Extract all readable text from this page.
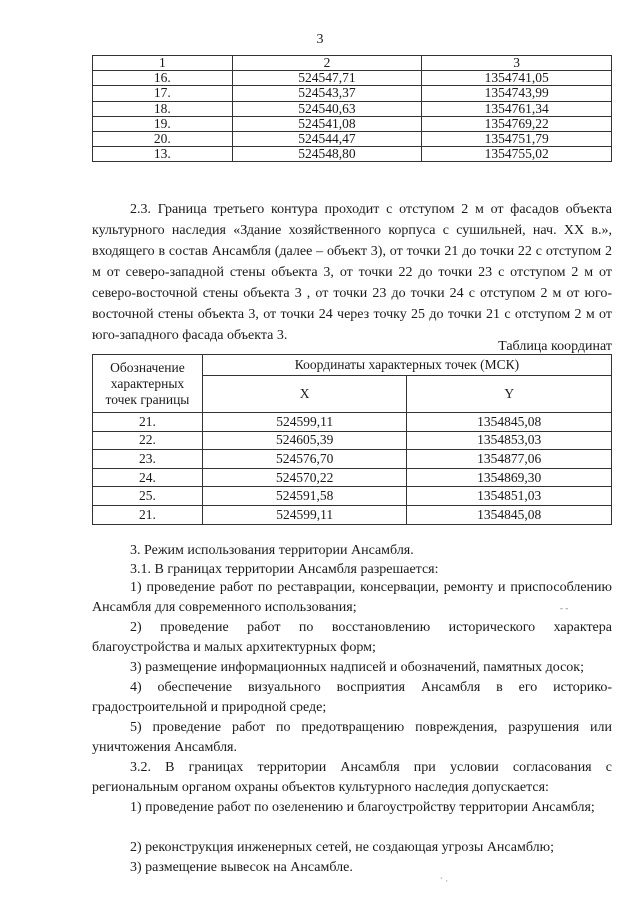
3
1	2	3
16.	524547,71	1354741,05
17.	524543,37	1354743,99
18.	524540,63	1354761,34
19.	524541,08	1354769,22
20.	524544,47	1354751,79
13.	524548,80	1354755,02
2.3. Граница третьего контура проходит с отступом 2 м от фасадов объекта культурного наследия «Здание хозяйственного корпуса с сушильней, нач. XX в.», входящего в состав Ансамбля (далее – объект 3), от точки 21 до точки 22 с отступом 2 м от северо-западной стены объекта 3, от точки 22 до точки 23 с отступом 2 м от северо-восточной стены объекта 3 , от точки 23 до точки 24 с отступом 2 м от юго-восточной стены объекта 3, от точки 24 через точку 25 до точки 21 с отступом 2 м от юго-западного фасада объекта 3.
Таблица координат
Обозначение характерных точек границы	Координаты характерных точек (МСК)	
	X	Y
21.	524599,11	1354845,08
22.	524605,39	1354853,03
23.	524576,70	1354877,06
24.	524570,22	1354869,30
25.	524591,58	1354851,03
21.	524599,11	1354845,08
3. Режим использования территории Ансамбля.
3.1. В границах территории Ансамбля разрешается:
1) проведение работ по реставрации, консервации, ремонту и приспособлению Ансамбля для современного использования;
2) проведение работ по восстановлению исторического характера благоустройства и малых архитектурных форм;
3) размещение информационных надписей и обозначений, памятных досок;
4) обеспечение визуального восприятия Ансамбля в его историко-градостроительной и природной среде;
5) проведение работ по предотвращению повреждения, разрушения или уничтожения Ансамбля.
3.2. В границах территории Ансамбля при условии согласования с региональным органом охраны объектов культурного наследия допускается:
1) проведение работ по озеленению и благоустройству территории Ансамбля;
2) реконструкция инженерных сетей, не создающая угрозы Ансамблю;
3) размещение вывесок на Ансамбле.
- -
` ·
